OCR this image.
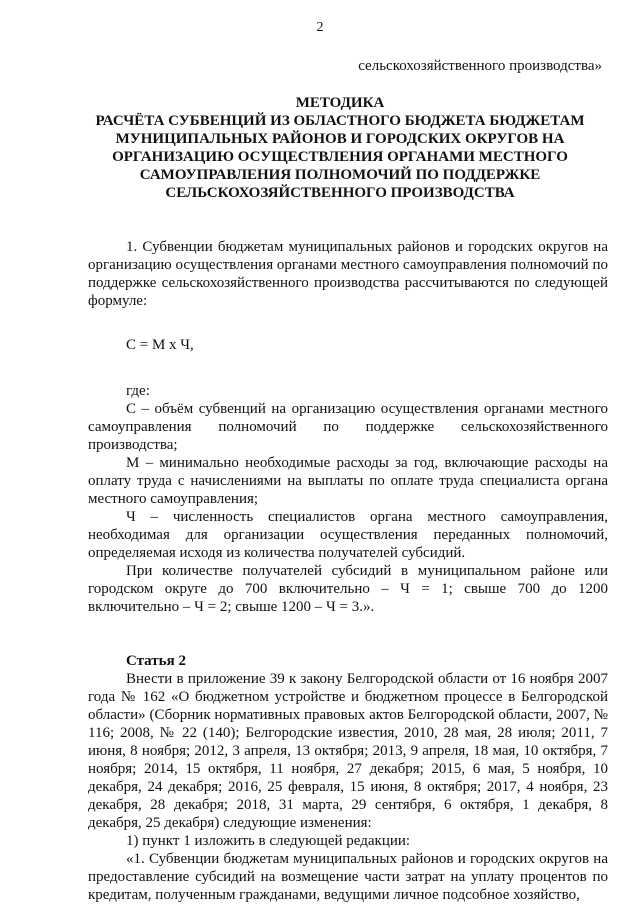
2
сельскохозяйственного производства»
МЕТОДИКА
РАСЧЁТА СУБВЕНЦИЙ ИЗ ОБЛАСТНОГО БЮДЖЕТА БЮДЖЕТАМ
МУНИЦИПАЛЬНЫХ РАЙОНОВ И ГОРОДСКИХ ОКРУГОВ НА
ОРГАНИЗАЦИЮ ОСУЩЕСТВЛЕНИЯ ОРГАНАМИ МЕСТНОГО
САМОУПРАВЛЕНИЯ ПОЛНОМОЧИЙ ПО ПОДДЕРЖКЕ
СЕЛЬСКОХОЗЯЙСТВЕННОГО ПРОИЗВОДСТВА

1. Субвенции бюджетам муниципальных районов и городских округов на организацию осуществления органами местного самоуправления полномочий по поддержке сельскохозяйственного производства рассчитываются по следующей формуле:

С = М х Ч,

где:

С – объём субвенций на организацию осуществления органами местного самоуправления полномочий по поддержке сельскохозяйственного производства;

М – минимально необходимые расходы за год, включающие расходы на оплату труда с начислениями на выплаты по оплате труда специалиста органа местного самоуправления;

Ч – численность специалистов органа местного самоуправления, необходимая для организации осуществления переданных полномочий, определяемая исходя из количества получателей субсидий.

При количестве получателей субсидий в муниципальном районе или городском округе до 700 включительно – Ч = 1; свыше 700 до 1200 включительно – Ч = 2; свыше 1200 – Ч = 3.».

Статья 2

Внести в приложение 39 к закону Белгородской области от 16 ноября 2007 года № 162 «О бюджетном устройстве и бюджетном процессе в Белгородской области» (Сборник нормативных правовых актов Белгородской области, 2007, № 116; 2008, № 22 (140); Белгородские известия, 2010, 28 мая, 28 июля; 2011, 7 июня, 8 ноября; 2012, 3 апреля, 13 октября; 2013, 9 апреля, 18 мая, 10 октября, 7 ноября; 2014, 15 октября, 11 ноября, 27 декабря; 2015, 6 мая, 5 ноября, 10 декабря, 24 декабря; 2016, 25 февраля, 15 июня, 8 октября; 2017, 4 ноября, 23 декабря, 28 декабря; 2018, 31 марта, 29 сентября, 6 октября, 1 декабря, 8 декабря, 25 декабря) следующие изменения:

1) пункт 1 изложить в следующей редакции:

«1. Субвенции бюджетам муниципальных районов и городских округов на предоставление субсидий на возмещение части затрат на уплату процентов по кредитам, полученным гражданами, ведущими личное подсобное хозяйство,
